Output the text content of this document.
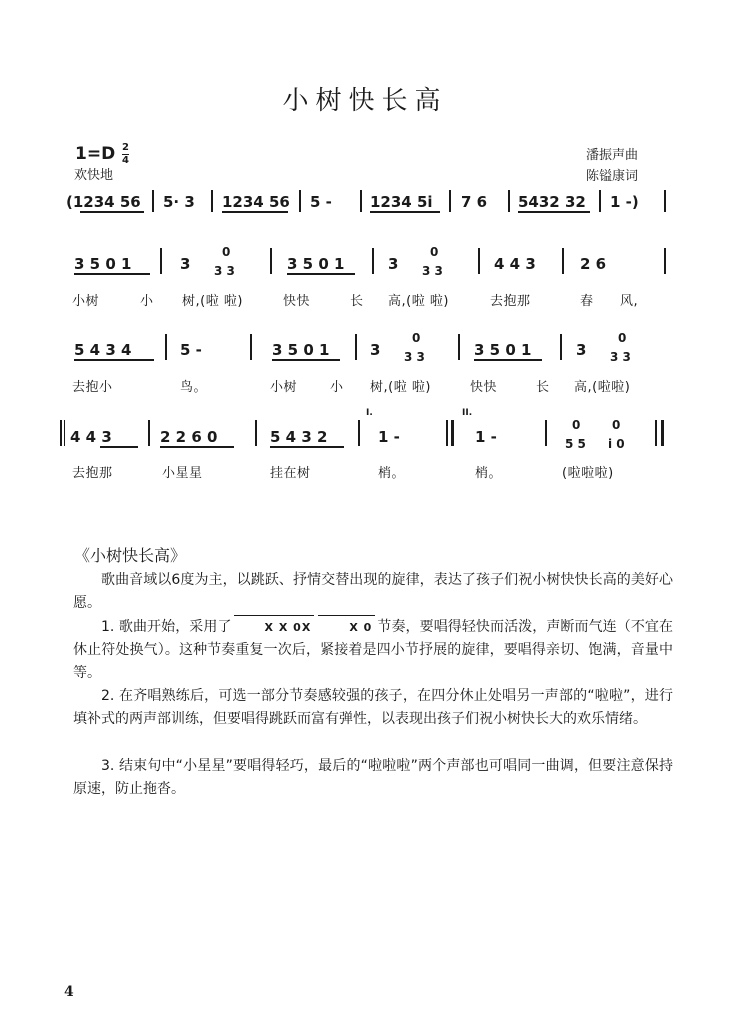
小树快长高
1=D 2
4
欢快地
潘振声曲
陈镒康词
(1234 56 5· 3 1234 56 5 -	1234 5i 7 6 5432 32 1 -)
3 5 0 1	3
0
3 3	3 5 0 1	3
0
3 3	4 4 3	2 6
小树	小 树,(啦 啦)	快快	长 高,(啦 啦)	去抱那	春 风,
5 4 3 4	5 -	3 5 0 1	3
0
3 3	3 5 0 1	3
0
3 3
去抱小	鸟。	小树	小 树,(啦 啦)	快快	长 高,(啦啦)
4 4 3	2 2 6 0	5 4 3 2
I.
1 -
II.
1 -
0	0
5 5 i 0
去抱那	小星星	挂在树	梢。	梢。	(啦啦啦)
《小树快长高》
歌曲音域以6度为主，以跳跃、抒情交替出现的旋律，表达了孩子们祝小树快快长高的美好心愿。
1. 歌曲开始，采用了	X X 0X	X 0 节奏，要唱得轻快而活泼，声断而气连（不宜在休止符处换气）。这种节奏重复一次后，紧接着是四小节抒展的旋律，要唱得亲切、饱满，音量中等。
2. 在齐唱熟练后，可选一部分节奏感较强的孩子，在四分休止处唱另一声部的“啦啦”，进行填补式的两声部训练，但要唱得跳跃而富有弹性，以表现出孩子们祝小树快长大的欢乐情绪。
3. 结束句中“小星星”要唱得轻巧，最后的“啦啦啦”两个声部也可唱同一曲调，但要注意保持原速，防止拖沓。
4
